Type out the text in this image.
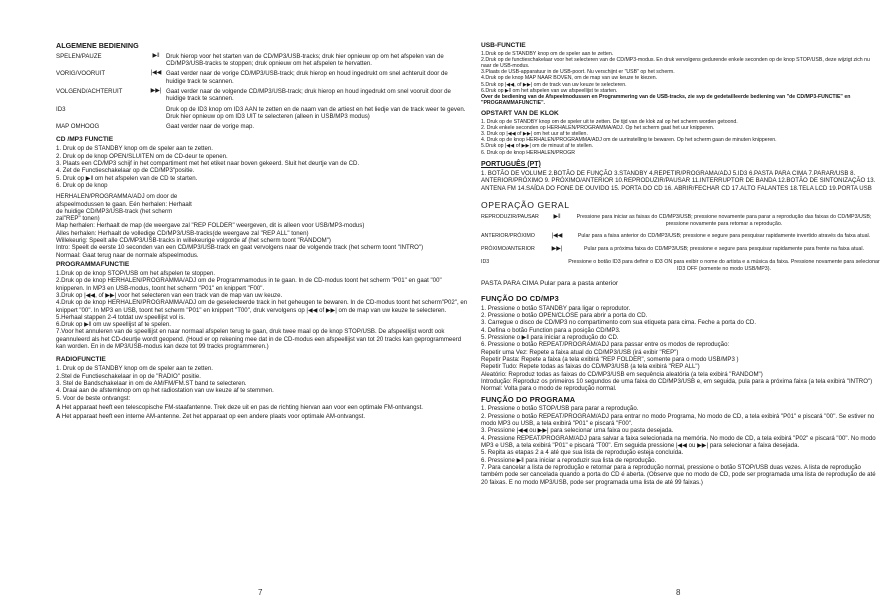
ALGEMENE BEDIENING
SPELEN/PAUZE	▶‖	Druk hierop voor het starten van de CD/MP3/USB-tracks; druk hier opnieuw op om het afspelen van de CD/MP3/USB-tracks te stoppen; druk opnieuw om het afspelen te hervatten.
VORIG/VOORUIT	|◀◀ Gaat verder naar de vorige CD/MP3/USB-track; druk hierop en houd ingedrukt om snel achteruit door de huidige track te scannen.
VOLGEND/ACHTERUIT	▶▶| Gaat verder naar de volgende CD/MP3/USB-track; druk hierop en houd ingedrukt om snel vooruit door de huidige track te scannen.
ID3	Druk op de ID3 knop om ID3 AAN te zetten en de naam van de artiest en het liedje van de track weer te geven. Druk hier opnieuw op om ID3 UIT te selecteren (alleen in USB/MP3 modus)
MAP OMHOOG	Gaat verder naar de vorige map.
CD /MP3 FUNCTIE
1. Druk op de STANDBY knop om de speler aan te zetten.
2. Druk op de knop OPEN/SLUITEN om de CD-deur te openen.
3. Plaats een CD/MP3 schijf in het compartiment met het etiket naar boven gekeerd. Sluit het deurtje van de CD.
4. Zet de Functieschakelaar op de CD/MP3"positie.
5. Druk op ▶‖ om het afspelen van de CD te starten.
6. Druk op de knop
HERHALEN/PROGRAMMA/ADJ om door de
afspeelmodussen te gaan. Eén herhalen: Herhaalt
de huidige CD/MP3/USB-track (het scherm
zal"REP" tonen)
Map herhalen: Herhaalt de map (de weergave zal "REP FOLDER" weergeven, dit is alleen voor USB/MP3-modus)
Alles herhalen: Herhaalt de volledige CD/MP3/USB-tracks(de weergave zal "REP ALL" tonen)
Willekeurig: Speelt alle CD/MP3/USB-tracks in willekeurige volgorde af (het scherm toont "RANDOM")
Intro: Speelt de eerste 10 seconden van een CD/MP3/USB-track en gaat vervolgens naar de volgende track (het scherm toont "INTRO")
Normaal: Gaat terug naar de normale afspeelmodus.
PROGRAMMAFUNCTIE
1.Druk op de knop STOP/USB om het afspelen te stoppen.
2.Druk op de knop HERHALEN/PROGRAMMA/ADJ om de Programmamodus in te gaan. In de CD-modus toont het scherm "P01" en gaat "00" knipperen. In MP3 en USB-modus, toont het scherm "P01" en knippert "F00".
3.Druk op |◀◀, of ▶▶| voor het selecteren van een track van de map van uw keuze.
4.Druk op de knop HERHALEN/PROGRAMMA/ADJ om de geselecteerde track in het geheugen te bewaren. In de CD-modus toont het scherm"P02", en knippert "00". In MP3 en USB, toont het scherm "P01" en knippert "T00", druk vervolgens op |◀◀ of ▶▶| om de map van uw keuze te selecteren.
5.Herhaal stappen 2-4 totdat uw speellijst vol is.
6.Druk op ▶‖ om uw speellijst af te spelen.
7.Voor het annuleren van de speellijst en naar normaal afspelen terug te gaan, druk twee maal op de knop STOP/USB. De afspeellijst wordt ook geannuleerd als het CD-deurtje wordt geopend. (Houd er op rekening mee dat in de CD-modus een afspeellijst van tot 20 tracks kan geprogrammeerd kan worden. En in de MP3/USB-modus kan deze tot 99 tracks programmeren.)
RADIOFUNCTIE
1. Druk op de STANDBY knop om de speler aan te zetten.
2.Stel de Functieschakelaar in op de "RADIO" positie.
3. Stel de Bandschakelaar in om de AM/FM/FM.ST band te selecteren.
4. Draai aan de afstemknop om op het radiostation van uw keuze af te stemmen.
5. Voor de beste ontvangst:
A Het apparaat heeft een telescopische FM-staafantenne. Trek deze uit en pas de richting hiervan aan voor een optimale FM-ontvangst.
A Het apparaat heeft een interne AM-antenne. Zet het apparaat op een andere plaats voor optimale AM-ontvangst.
7
USB-FUNCTIE
1.Druk op de STANDBY knop om de speler aan te zetten.
2.Druk op de functieschakelaar voor het selecteren van de CD/MP3-modus. En druk vervolgens gedurende enkele seconden op de knop STOP/USB, deze wijzigt zich nu naar de USB-modus.
3.Plaats de USB-apparatuur in de USB-poort. Nu verschijnt er "USB" op het scherm.
4.Druk op de knop MAP NAAR BOVEN, om de map van uw keuze te kiezen.
5.Druk op |◀◀, of ▶▶| om de track van uw keuze te selecteren.
6.Druk op ▶‖ om het afspelen van uw afspeellijst te starten.
Over de bediening van de Afspeelmodussen en Programmering van de USB-tracks, zie svp de gedetailleerde bediening van "de CD/MP3-FUNCTIE" en "PROGRAMMAFUNCTIE".
OPSTART VAN DE KLOK
1. Druk op de STANDBY knop om de speler uit te zetten. De tijd van de klok zal op het scherm worden getoond.
2. Druk enkele seconden op HERHALEN/PROGRAMMA/ADJ. Op het scherm gaat het uur knipperen.
3. Druk op |◀◀ of ▶▶| om het uur af te stellen.
4. Druk op de knop HERHALEN/PROGRAMMA/ADJ om de uurinstelling te bewaren. Op het scherm gaan de minuten knipperen.
5.Druk op |◀◀ of ▶▶| om de minuut af te stellen.
6. Druk op de knop HERHALEN/PROGR
PORTUGUÊS (PT)
1. BOTÃO DE VOLUME 2.BOTÃO DE FUNÇÃO 3.STANDBY 4.REPETIR/PROGRAMA/ADJ 5.ID3 6.PASTA PARA CIMA 7.PARAR/USB 8. ANTERIOR/PRÓXIMO 9. PRÓXIMO/ANTERIOR 10.REPRODUZIR/PAUSAR 11.INTERRUPTOR DE BANDA 12.BOTÃO DE SINTONIZAÇÃO 13. ANTENA FM 14.SAÍDA DO FONE DE OUVIDO 15. PORTA DO CD 16. ABRIR/FECHAR CD 17.ALTO FALANTES 18.TELA LCD 19.PORTA USB
OPERAÇÃO GERAL
REPRODUZIR/PAUSAR	▶‖	Pressione para iniciar as faixas do CD/MP3/USB; pressione novamente para parar a reprodução das faixas do CD/MP3/USB; pressione novamente para retomar a reprodução.
ANTERIOR/PRÓXIMO	|◀◀	Pular para a faixa anterior do CD/MP3/USB; pressione e segure para pesquisar rapidamente invertido através da faixa atual.
PRÓXIMO/ANTERIOR	▶▶|	Pular para a próxima faixa do CD/MP3/USB; pressione e segure para pesquisar rapidamente para frente na faixa atual.
ID3	Pressione o botão ID3 para definir o ID3 ON para exibir o nome do artista e a música da faixa. Pressione novamente para selecionar ID3 OFF (somente no modo USB/MP3).
PASTA PARA CIMA Pular para a pasta anterior
FUNÇÃO DO CD/MP3
1. Pressione o botão STANDBY para ligar o reprodutor.
2. Pressione o botão OPEN/CLOSE para abrir a porta do CD.
3. Carregue o disco de CD/MP3 no compartimento com sua etiqueta para cima. Feche a porta do CD.
4. Defina o botão Function para a posição CD/MP3.
5. Pressione o ▶‖ para iniciar a reprodução do CD.
6. Pressione o botão REPEAT/PROGRAM/ADJ para passar entre os modos de reprodução:
Repetir uma Vez: Repete a faixa atual do CD/MP3/USB (irá exibir "REP")
Repetir Pasta: Repete a faixa (a tela exibirá "REP FOLDER", somente para o modo USB/MP3 )
Repetir Tudo: Repete todas as faixas do CD/MP3/USB (a tela exibirá "REP ALL")
Aleatório: Reproduz todas as faixas do CD/MP3/USB em sequência aleatória (a tela exibirá "RANDOM")
Introdução: Reproduz os primeiros 10 segundos de uma faixa do CD/MP3/USB e, em seguida, pula para a próxima faixa (a tela exibirá "INTRO")
Normal: Volta para o modo de reprodução normal.
FUNÇÃO DO PROGRAMA
1. Pressione o botão STOP/USB para parar a reprodução.
2. Pressione o botão REPEAT/PROGRAM/ADJ para entrar no modo Programa, No modo de CD, a tela exibirá "P01" e piscará "00". Se estiver no modo MP3 ou USB, a tela exibirá "P01" e piscará "F00".
3. Pressione |◀◀ ou ▶▶| para selecionar uma faixa ou pasta desejada.
4. Pressione REPEAT/PROGRAM/ADJ para salvar a faixa selecionada na memória. No modo de CD, a tela exibirá "P02" e piscará "00". No modo MP3 e USB, a tela exibirá "P01" e piscará "T00". Em seguida pressione |◀◀ ou ▶▶| para selecionar a faixa desejada.
5. Repita as etapas 2 a 4 até que sua lista de reprodução esteja concluída.
6. Pressione ▶‖ para iniciar a reproduzir sua lista de reprodução.
7. Para cancelar a lista de reprodução e retornar para a reprodução normal, pressione o botão STOP/USB duas vezes. A lista de reprodução também pode ser cancelada quando a porta do CD é aberta. (Observe que no modo de CD, pode ser programada uma lista de reprodução de até 20 faixas. E no modo MP3/USB, pode ser programada uma lista de até 99 faixas.)
8
